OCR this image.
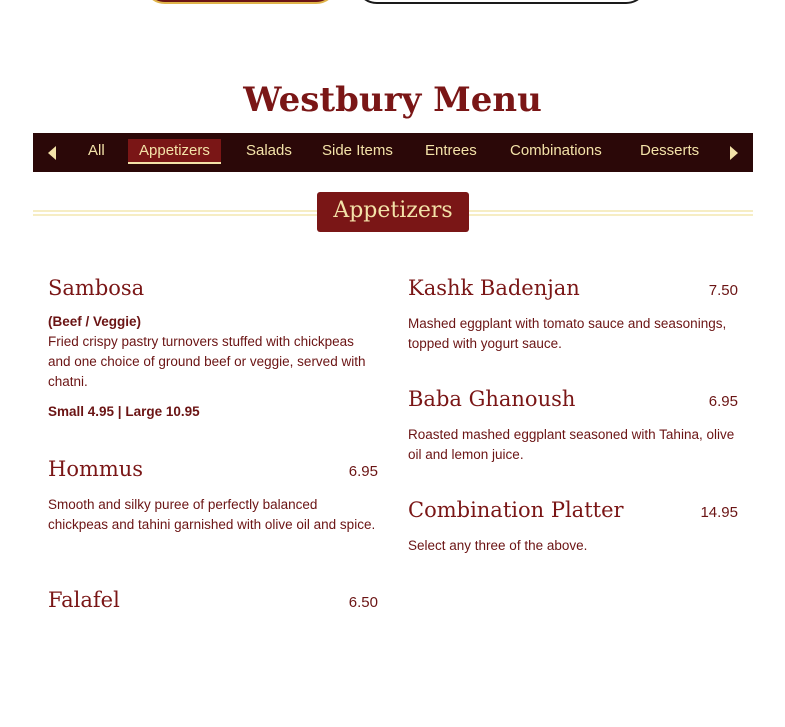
Westbury Menu
All	Appetizers	Salads	Side Items	Entrees	Combinations	Desserts
Appetizers
Sambosa
(Beef / Veggie)
Fried crispy pastry turnovers stuffed with chickpeas and one choice of ground beef or veggie, served with chatni.
Small 4.95 | Large 10.95
Hommus	6.95
Smooth and silky puree of perfectly balanced chickpeas and tahini garnished with olive oil and spice.
Falafel	6.50
Kashk Badenjan	7.50
Mashed eggplant with tomato sauce and seasonings, topped with yogurt sauce.
Baba Ghanoush	6.95
Roasted mashed eggplant seasoned with Tahina, olive oil and lemon juice.
Combination Platter	14.95
Select any three of the above.
